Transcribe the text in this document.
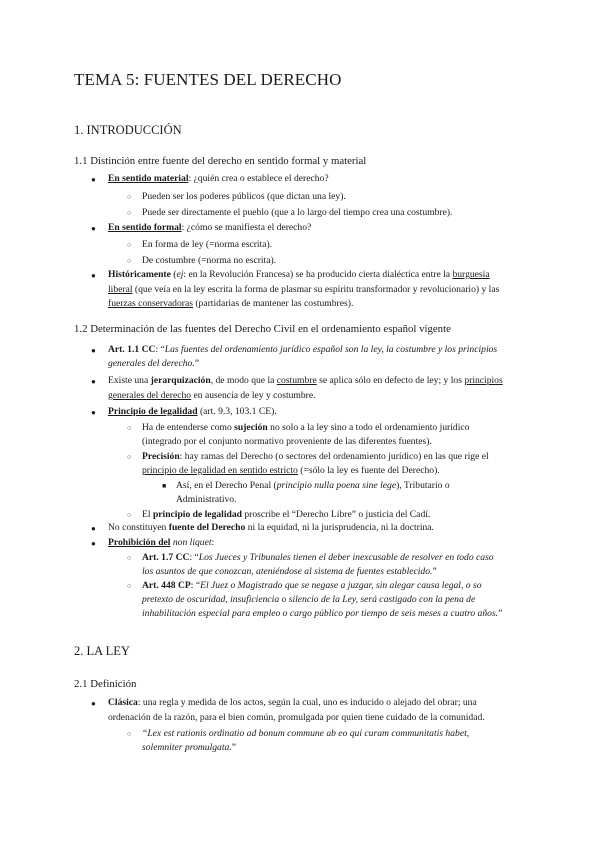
TEMA 5: FUENTES DEL DERECHO
1. INTRODUCCIÓN
1.1 Distinción entre fuente del derecho en sentido formal y material
● En sentido material: ¿quién crea o establece el derecho?
○ Pueden ser los poderes públicos (que dictan una ley).
○ Puede ser directamente el pueblo (que a lo largo del tiempo crea una costumbre).
● En sentido formal: ¿cómo se manifiesta el derecho?
○ En forma de ley (=norma escrita).
○ De costumbre (=norma no escrita).
● Históricamente (ej: en la Revolución Francesa) se ha producido cierta dialéctica entre la burguesía
liberal (que veía en la ley escrita la forma de plasmar su espíritu transformador y revolucionario) y las
fuerzas conservadoras (partidarias de mantener las costumbres).
1.2 Determinación de las fuentes del Derecho Civil en el ordenamiento español vigente
● Art. 1.1 CC: “Las fuentes del ordenamiento jurídico español son la ley, la costumbre y los principios
generales del derecho.”
● Existe una jerarquización, de modo que la costumbre se aplica sólo en defecto de ley; y los principios
generales del derecho en ausencia de ley y costumbre.
● Principio de legalidad (art. 9.3, 103.1 CE).
○ Ha de entenderse como sujeción no solo a la ley sino a todo el ordenamiento jurídico
(integrado por el conjunto normativo proveniente de las diferentes fuentes).
○ Precisión: hay ramas del Derecho (o sectores del ordenamiento jurídico) en las que rige el
principio de legalidad en sentido estricto (=sólo la ley es fuente del Derecho).
■ Así, en el Derecho Penal (principio nulla poena sine lege), Tributario o
Administrativo.
○ El principio de legalidad proscribe el “Derecho Libre” o justicia del Cadí.
● No constituyen fuente del Derecho ni la equidad, ni la jurisprudencia, ni la doctrina.
● Prohibición del non liquet:
○ Art. 1.7 CC: “Los Jueces y Tribunales tienen el deber inexcusable de resolver en todo caso
los asuntos de que conozcan, ateniéndose al sistema de fuentes establecido.”
○ Art. 448 CP: “El Juez o Magistrado que se negase a juzgar, sin alegar causa legal, o so
pretexto de oscuridad, insuficiencia o silencio de la Ley, será castigado con la pena de
inhabilitación especial para empleo o cargo público por tiempo de seis meses a cuatro años.”
2. LA LEY
2.1 Definición
● Clásica: una regla y medida de los actos, según la cual, uno es inducido o alejado del obrar; una
ordenación de la razón, para el bien común, promulgada por quien tiene cuidado de la comunidad.
○ “Lex est rationis ordinatio ad bonum commune ab eo qui curam communitatis habet,
solemniter promulgata.”
